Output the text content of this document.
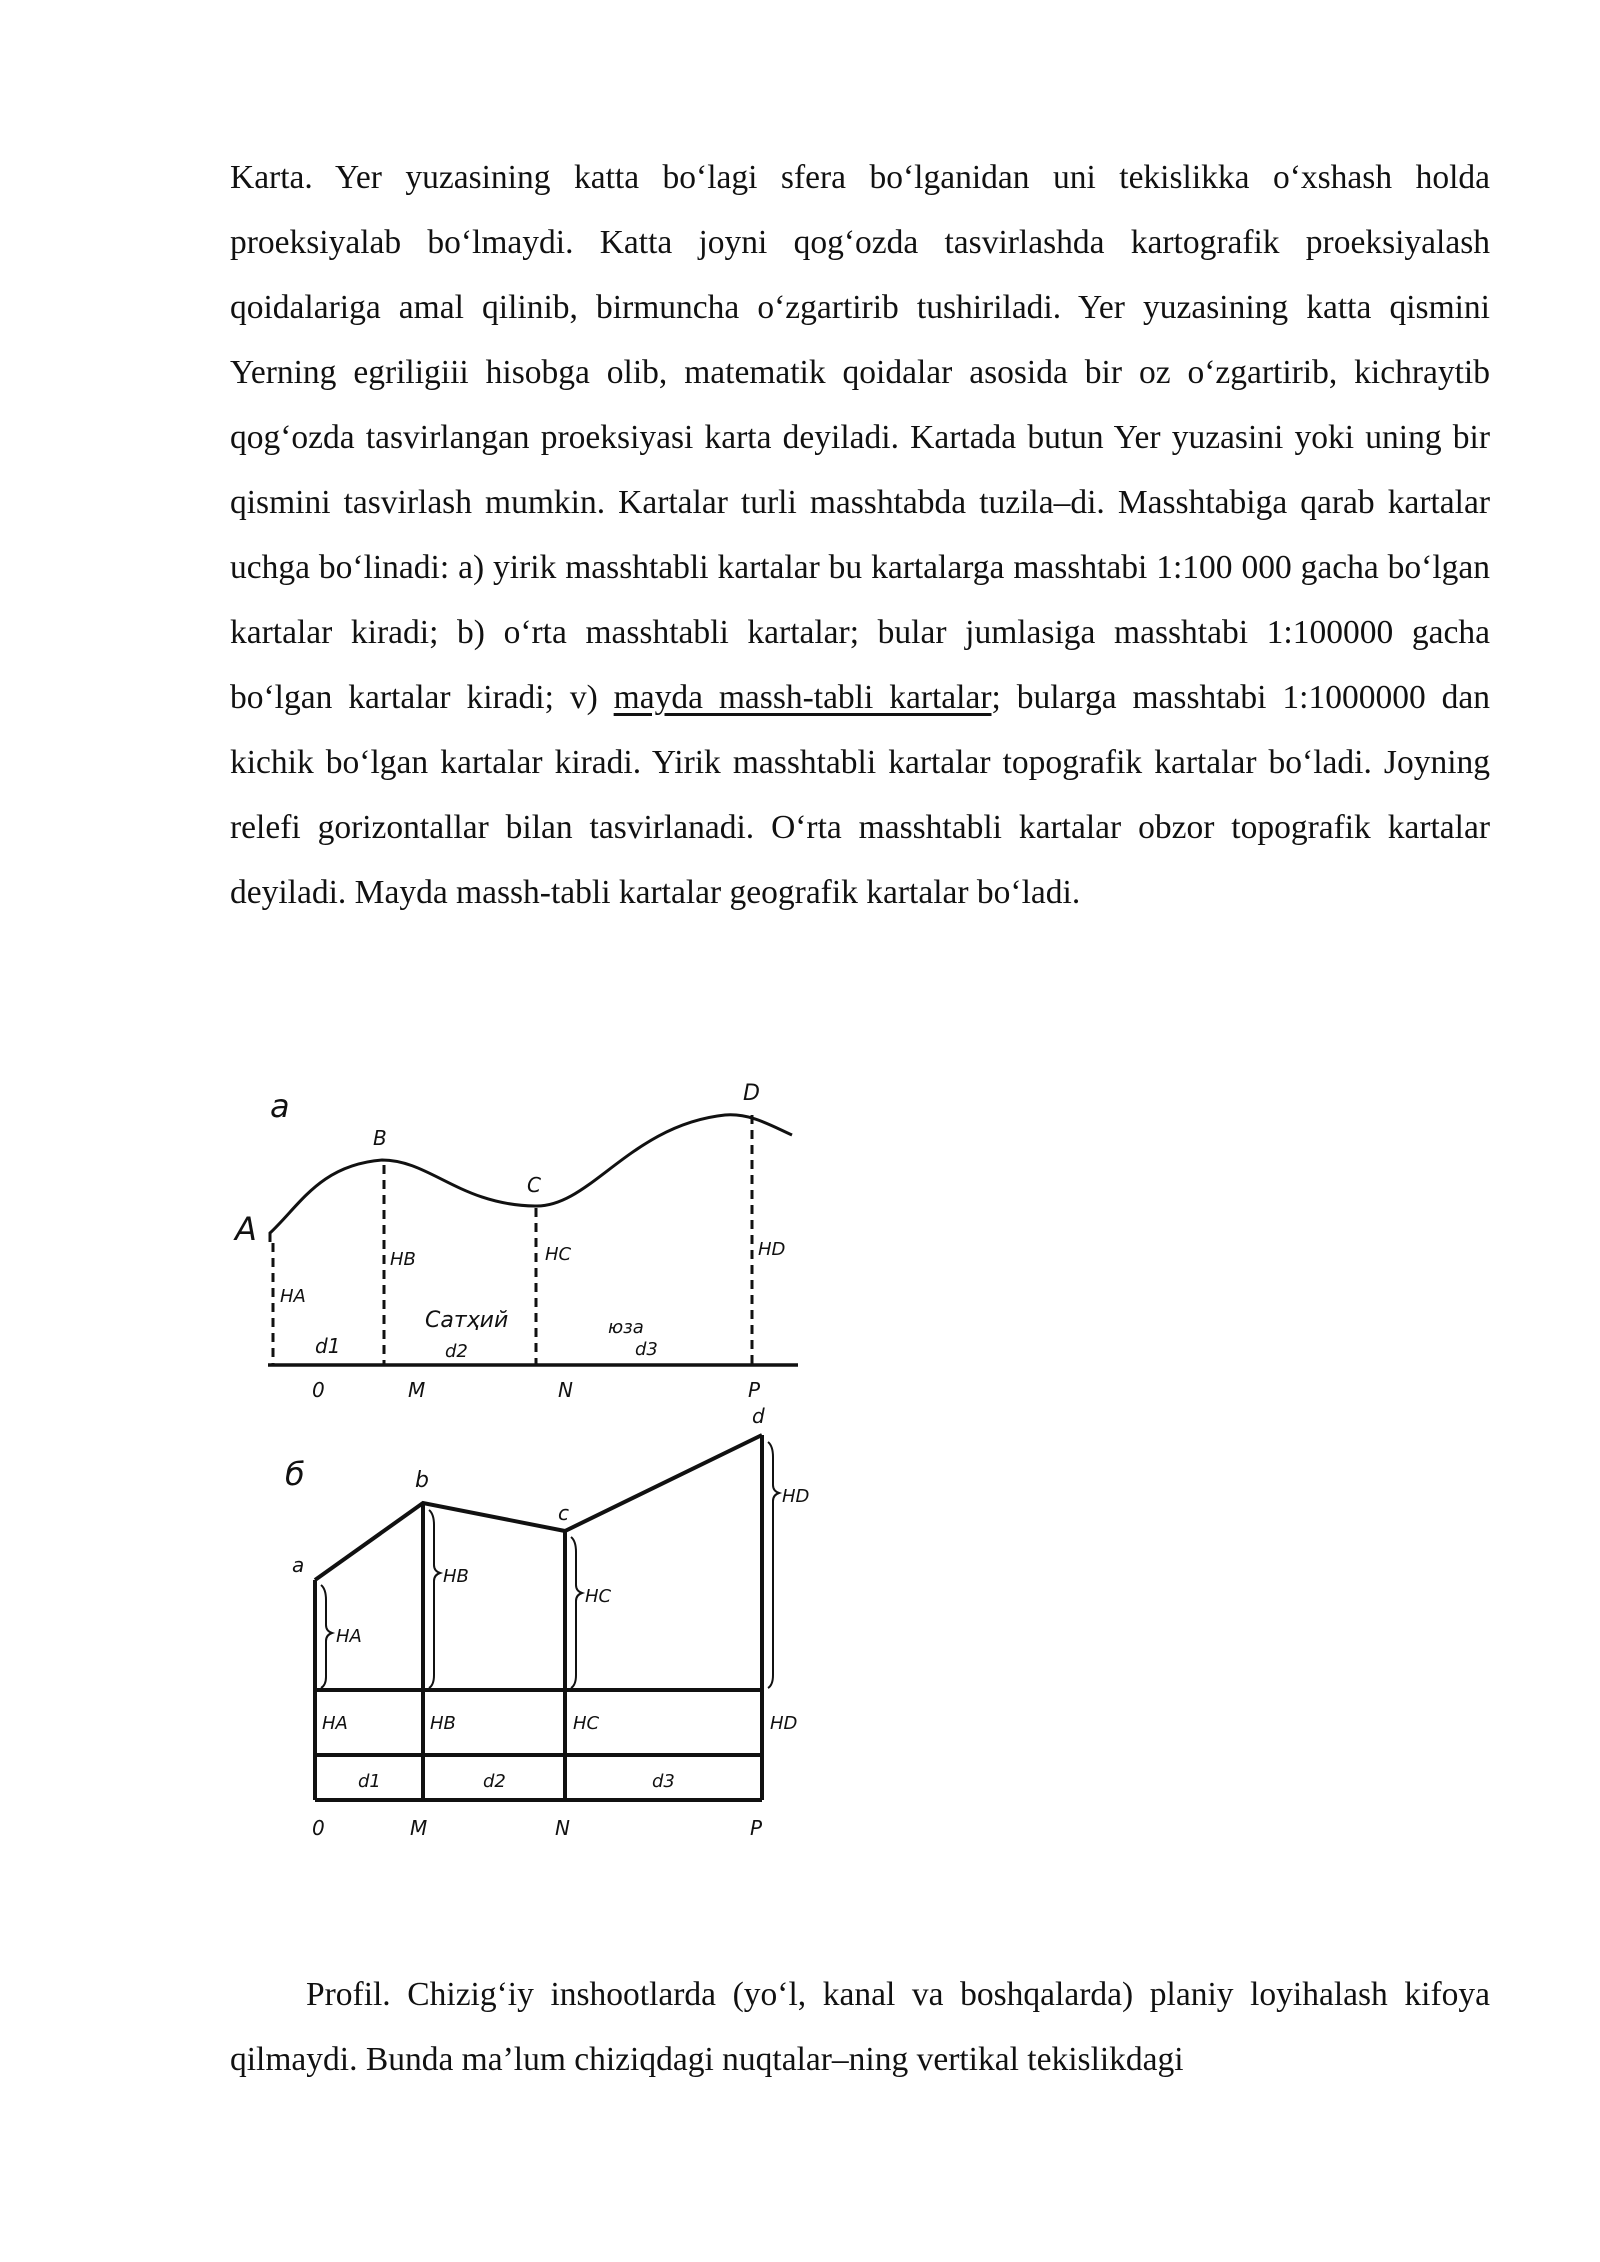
Karta. Yer yuzasining katta bo‘lagi sfera bo‘lganidan uni tekislikka o‘xshash holda proeksiyalab bo‘lmaydi. Katta joyni qog‘ozda tasvirlashda kartografik proeksiyalash qoidalariga amal qilinib, birmuncha o‘zgartirib tushiriladi. Yer yuzasining katta qismini Yerning egriligiii hisobga olib, matematik qoidalar asosida bir oz o‘zgartirib, kichraytib qog‘ozda tasvirlangan proeksiyasi karta deyiladi. Kartada butun Yer yuzasini yoki uning bir qismini tasvirlash mumkin. Kartalar turli masshtabda tuzila–di. Masshtabiga qarab kartalar uchga bo‘linadi: a) yirik masshtabli kartalar bu kartalarga masshtabi 1:100 000 gacha bo‘lgan kartalar kiradi; b) o‘rta masshtabli kartalar; bular jumlasiga masshtabi 1:100000 gacha bo‘lgan kartalar kiradi; v) mayda massh-tabli kartalar; bularga masshtabi 1:1000000 dan kichik bo‘lgan kartalar kiradi. Yirik masshtabli kartalar topografik kartalar bo‘ladi. Joyning relefi gorizontallar bilan tasvirlanadi. O‘rta masshtabli kartalar obzor topografik kartalar deyiladi. Mayda massh-tabli kartalar geografik kartalar bo‘ladi.

a
A
B
C
D
HA
HB	HC	HD
d1	d2	d3
Сатҳий	юза
0	M	N	P
б
a
b
c
d
HA
HB
HC
HD
HA	HB	HC	HD
d1	d2	d3
0	M	N	P

Profil. Chizig‘iy inshootlarda (yo‘l, kanal va boshqalarda) planiy loyihalash kifoya qilmaydi. Bunda ma’lum chiziqdagi nuqtalar–ning vertikal tekislikdagi
